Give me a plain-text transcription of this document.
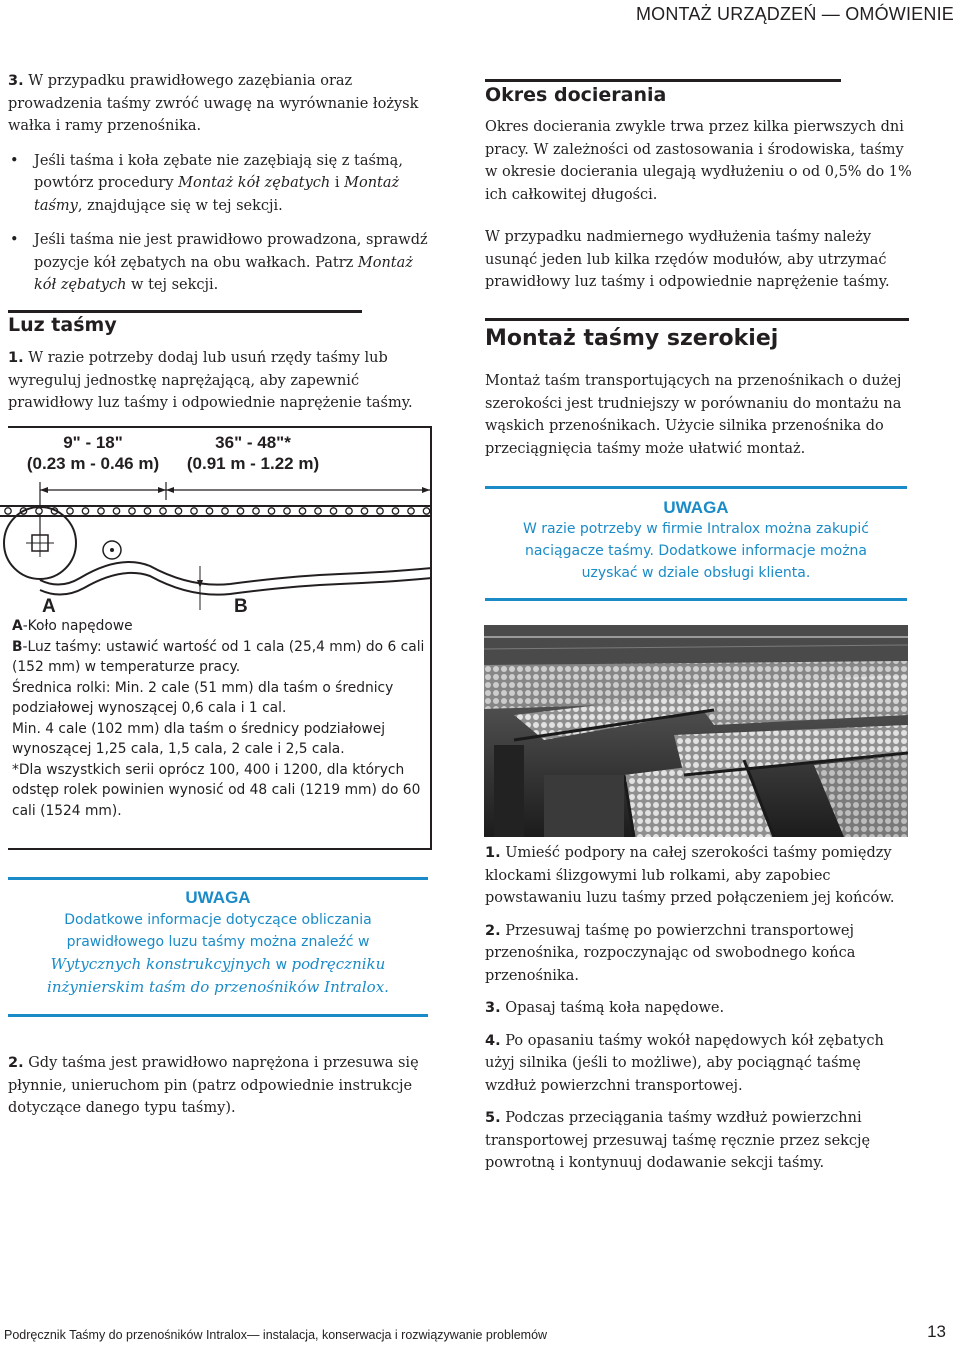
MONTAŻ URZĄDZEŃ — OMÓWIENIE

3. W przypadku prawidłowego zazębiania oraz prowadzenia taśmy zwróć uwagę na wyrównanie łożysk wałka i ramy przenośnika.

• Jeśli taśma i koła zębate nie zazębiają się z taśmą, powtórz procedury Montaż kół zębatych i Montaż taśmy, znajdujące się w tej sekcji.

• Jeśli taśma nie jest prawidłowo prowadzona, sprawdź pozycje kół zębatych na obu wałkach. Patrz Montaż kół zębatych w tej sekcji.

Luz taśmy
1. W razie potrzeby dodaj lub usuń rzędy taśmy lub wyreguluj jednostkę naprężającą, aby zapewnić prawidłowy luz taśmy i odpowiednie naprężenie taśmy.
9" - 18"
(0.23 m - 0.46 m)
36" - 48"*
(0.91 m - 1.22 m)
A	B

A-Koło napędowe

B-Luz taśmy: ustawić wartość od 1 cala (25,4 mm) do 6 cali (152 mm) w temperaturze pracy.

Średnica rolki: Min. 2 cale (51 mm) dla taśm o średnicy podziałowej wynoszącej 0,6 cala i 1 cal.

Min. 4 cale (102 mm) dla taśm o średnicy podziałowej wynoszącej 1,25 cala, 1,5 cala, 2 cale i 2,5 cala.

*Dla wszystkich serii oprócz 100, 400 i 1200, dla których odstęp rolek powinien wynosić od 48 cali (1219 mm) do 60 cali (1524 mm).

UWAGA
Dodatkowe informacje dotyczące obliczania
prawidłowego luzu taśmy można znaleźć w
Wytycznych konstrukcyjnych w podręczniku
inżynierskim taśm do przenośników Intralox.
2. Gdy taśma jest prawidłowo naprężona i przesuwa się płynnie, unieruchom pin (patrz odpowiednie instrukcje dotyczące danego typu taśmy).
Okres docierania
Okres docierania zwykle trwa przez kilka pierwszych dni pracy. W zależności od zastosowania i środowiska, taśmy w okresie docierania ulegają wydłużeniu o od 0,5% do 1% ich całkowitej długości.
W przypadku nadmiernego wydłużenia taśmy należy usunąć jeden lub kilka rzędów modułów, aby utrzymać prawidłowy luz taśmy i odpowiednie naprężenie taśmy.
Montaż taśmy szerokiej
Montaż taśm transportujących na przenośnikach o dużej szerokości jest trudniejszy w porównaniu do montażu na wąskich przenośnikach. Użycie silnika przenośnika do przeciągnięcia taśmy może ułatwić montaż.
UWAGA
W razie potrzeby w firmie Intralox można zakupić naciągacze taśmy. Dodatkowe informacje można uzyskać w dziale obsługi klienta.

1. Umieść podpory na całej szerokości taśmy pomiędzy klockami ślizgowymi lub rolkami, aby zapobiec powstawaniu luzu taśmy przed połączeniem jej końców.

2. Przesuwaj taśmę po powierzchni transportowej przenośnika, rozpoczynając od swobodnego końca przenośnika.

3. Opasaj taśmą koła napędowe.

4. Po opasaniu taśmy wokół napędowych kół zębatych użyj silnika (jeśli to możliwe), aby pociągnąć taśmę wzdłuż powierzchni transportowej.

5. Podczas przeciągania taśmy wzdłuż powierzchni transportowej przesuwaj taśmę ręcznie przez sekcję powrotną i kontynuuj dodawanie sekcji taśmy.

Podręcznik Taśmy do przenośników Intralox— instalacja, konserwacja i rozwiązywanie problemów	13
